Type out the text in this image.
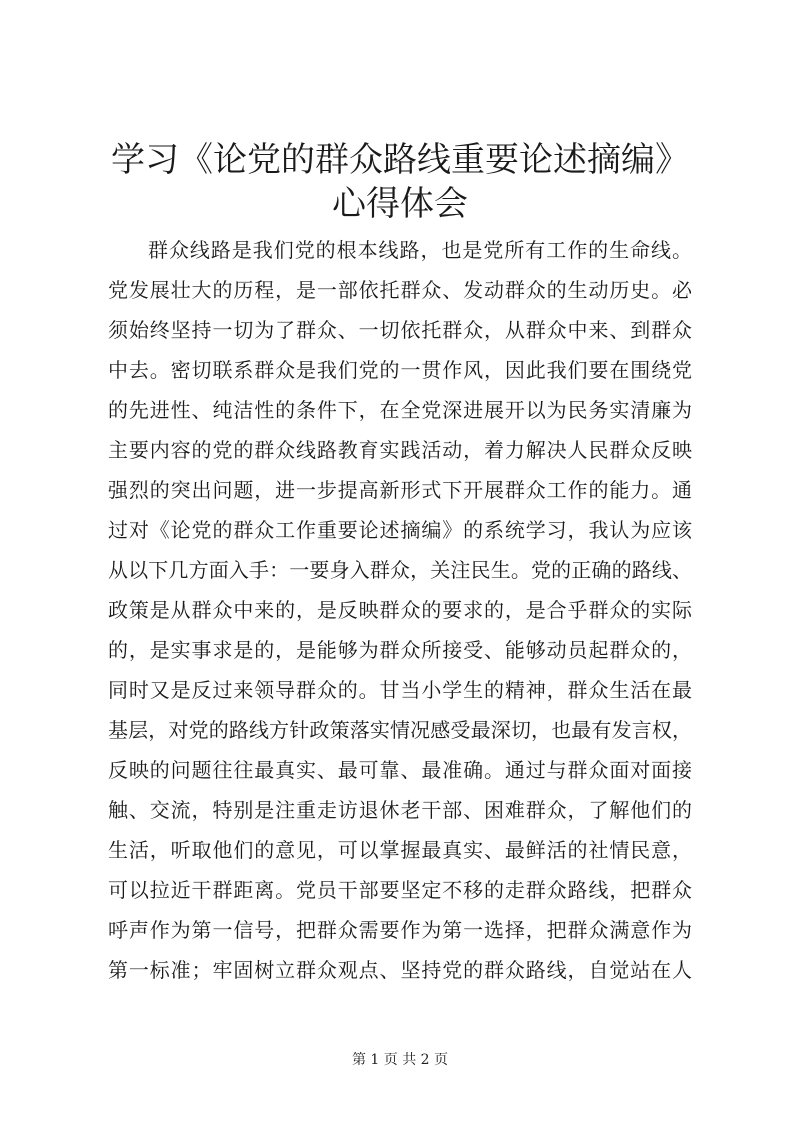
学习《论党的群众路线重要论述摘编》心得体会
群众线路是我们党的根本线路，也是党所有工作的生命线。
党发展壮大的历程，是一部依托群众、发动群众的生动历史。必
须始终坚持一切为了群众、一切依托群众，从群众中来、到群众
中去。密切联系群众是我们党的一贯作风，因此我们要在围绕党
的先进性、纯洁性的条件下，在全党深进展开以为民务实清廉为
主要内容的党的群众线路教育实践活动，着力解决人民群众反映
强烈的突出问题，进一步提高新形式下开展群众工作的能力。通
过对《论党的群众工作重要论述摘编》的系统学习，我认为应该
从以下几方面入手：一要身入群众，关注民生。党的正确的路线、
政策是从群众中来的，是反映群众的要求的，是合乎群众的实际
的，是实事求是的，是能够为群众所接受、能够动员起群众的，
同时又是反过来领导群众的。甘当小学生的精神，群众生活在最
基层，对党的路线方针政策落实情况感受最深切，也最有发言权，
反映的问题往往最真实、最可靠、最准确。通过与群众面对面接
触、交流，特别是注重走访退休老干部、困难群众，了解他们的
生活，听取他们的意见，可以掌握最真实、最鲜活的社情民意，
可以拉近干群距离。党员干部要坚定不移的走群众路线，把群众
呼声作为第一信号，把群众需要作为第一选择，把群众满意作为
第一标准；牢固树立群众观点、坚持党的群众路线，自觉站在人
第 1 页 共 2 页
